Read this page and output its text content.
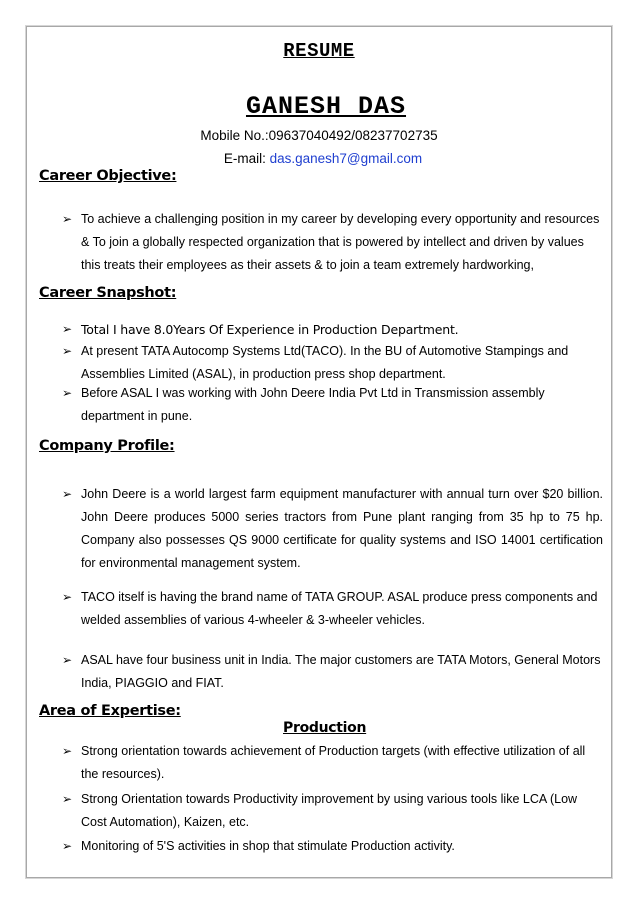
RESUME
GANESH DAS

Mobile No.:09637040492/08237702735

E-mail: das.ganesh7@gmail.com

Career Objective:
➢ To achieve a challenging position in my career by developing every opportunity and resources & To join a globally respected organization that is powered by intellect and driven by values this treats their employees as their assets & to join a team extremely hardworking,
Career Snapshot:
➢ Total I have 8.0Years Of Experience in Production Department.
➢ At present TATA Autocomp Systems Ltd(TACO). In the BU of Automotive Stampings and Assemblies Limited (ASAL), in production press shop department.
➢ Before ASAL I was working with John Deere India Pvt Ltd in Transmission assembly department in pune.
Company Profile:
➢ John Deere is a world largest farm equipment manufacturer with annual turn over $20 billion. John Deere produces 5000 series tractors from Pune plant ranging from 35 hp to 75 hp. Company also possesses QS 9000 certificate for quality systems and ISO 14001 certification for environmental management system.
➢ TACO itself is having the brand name of TATA GROUP. ASAL produce press components and welded assemblies of various 4-wheeler & 3-wheeler vehicles.
➢ ASAL have four business unit in India. The major customers are TATA Motors, General Motors India, PIAGGIO and FIAT.
Area of Expertise:
Production
➢ Strong orientation towards achievement of Production targets (with effective utilization of all the resources).
➢ Strong Orientation towards Productivity improvement by using various tools like LCA (Low Cost Automation), Kaizen, etc.
➢ Monitoring of 5'S activities in shop that stimulate Production activity.
